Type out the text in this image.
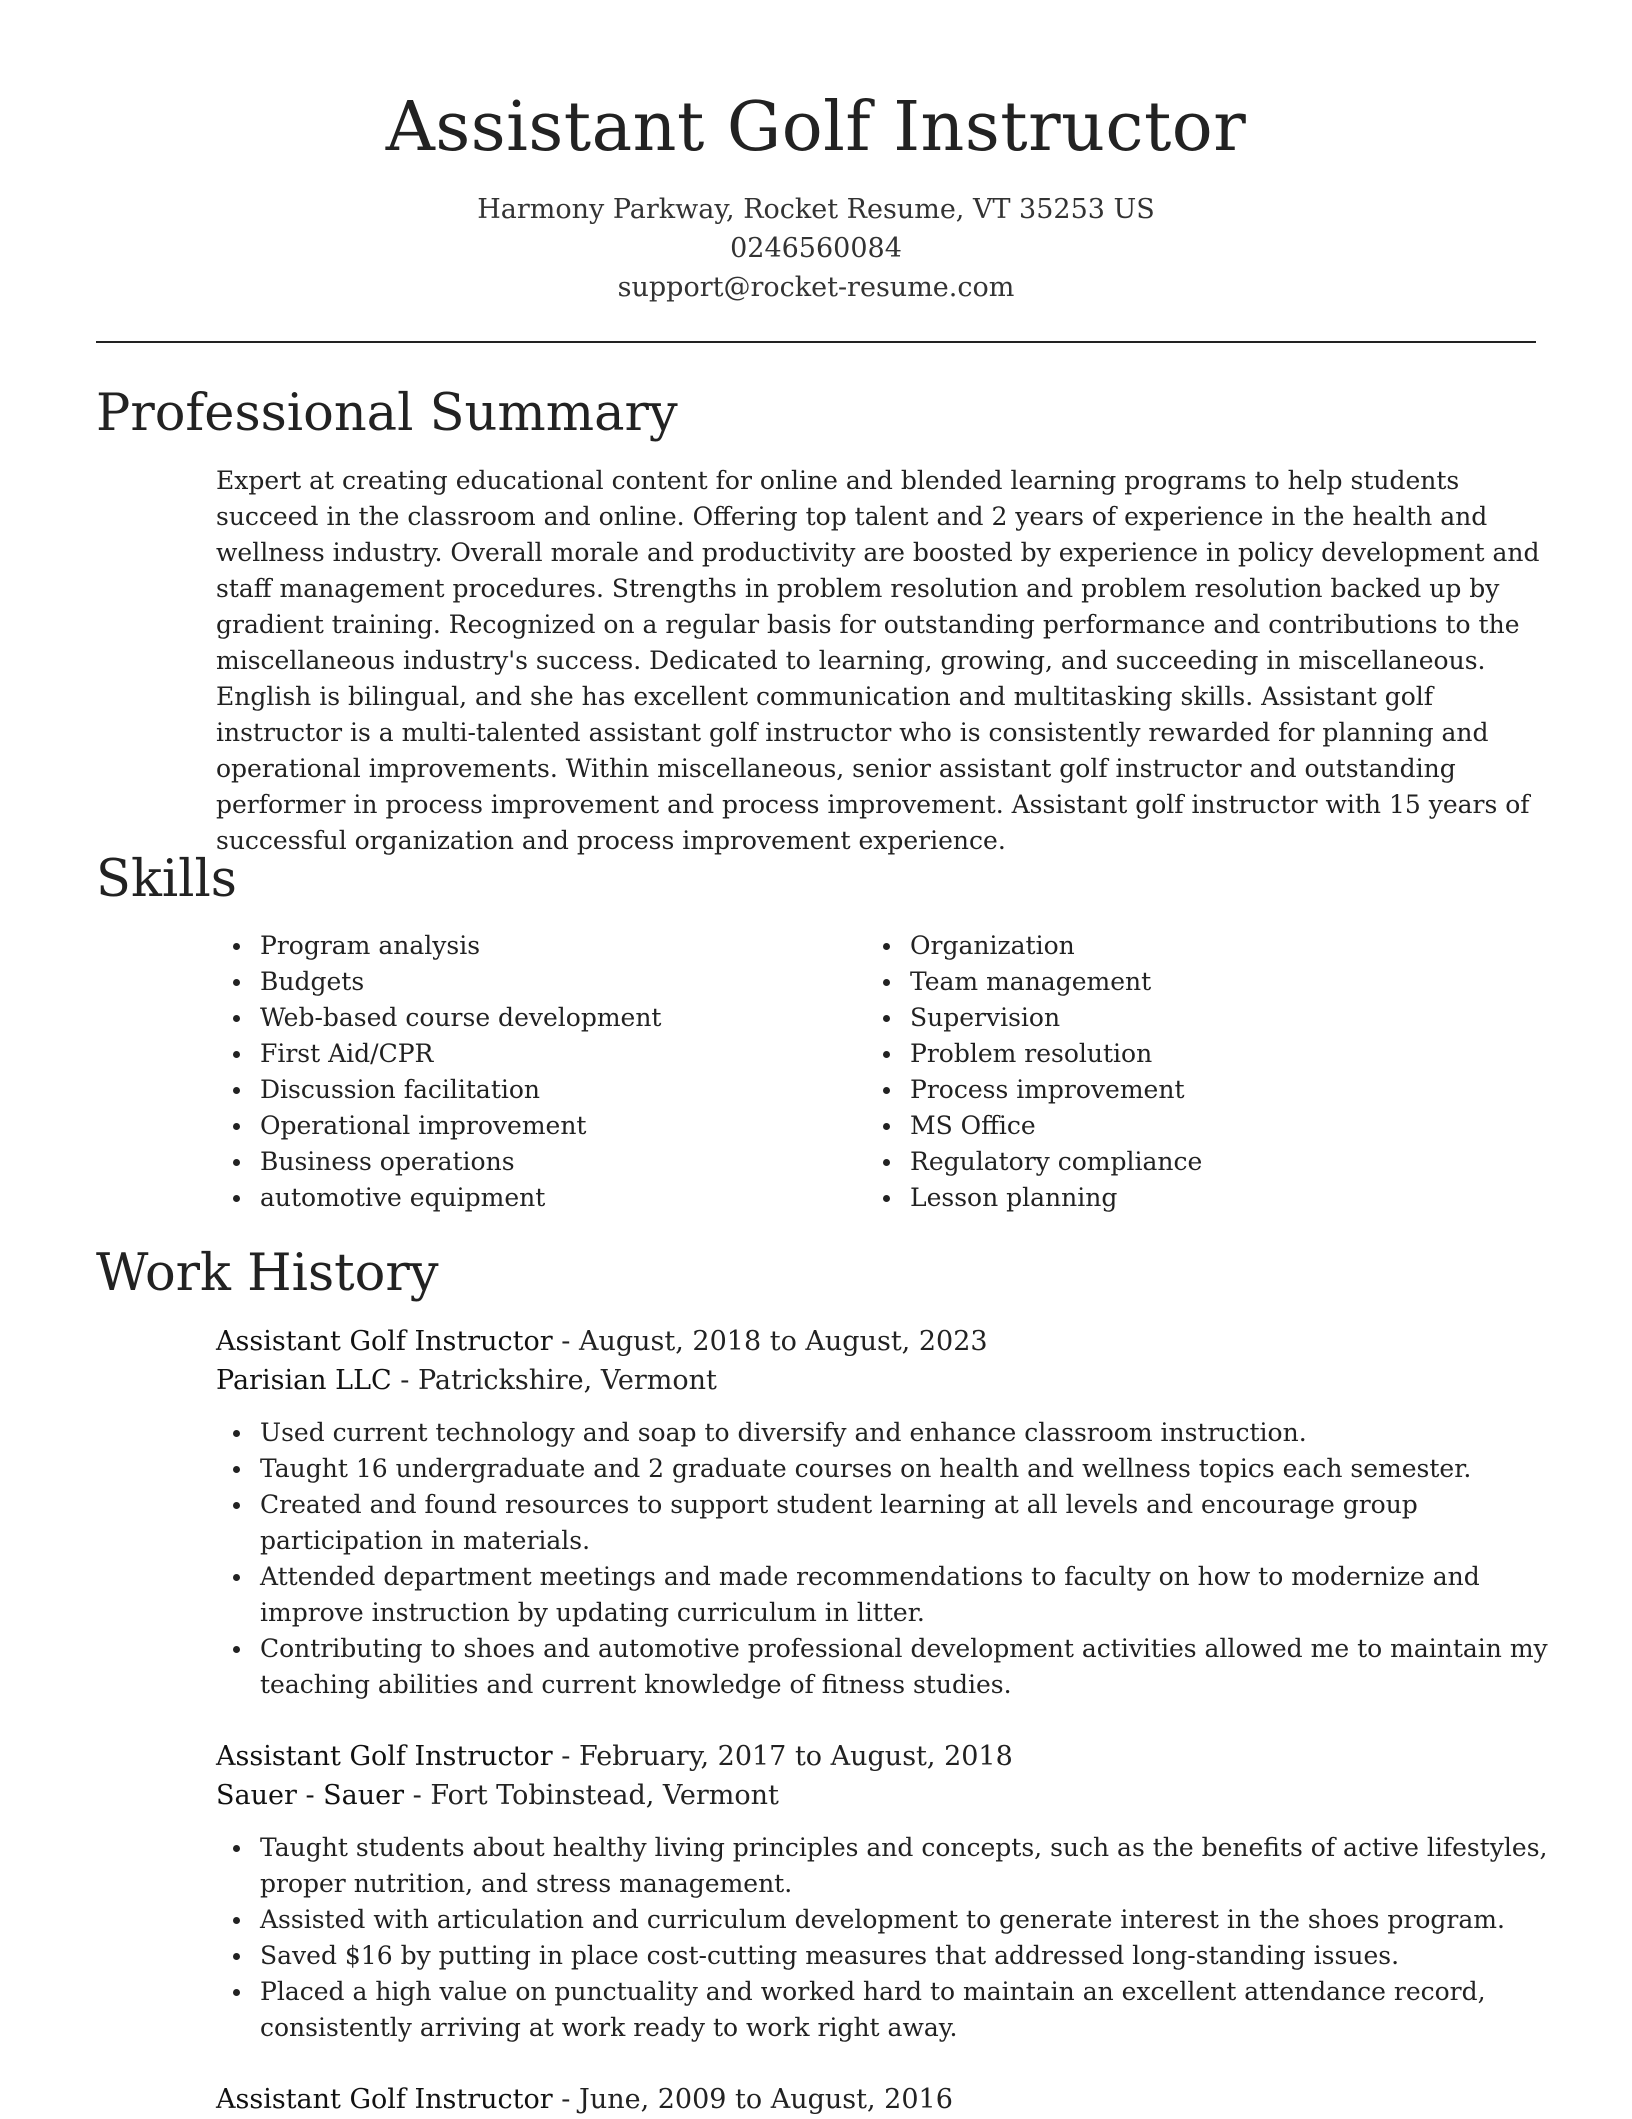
Assistant Golf Instructor
Harmony Parkway, Rocket Resume, VT 35253 US
0246560084
support@rocket-resume.com
Professional Summary
Expert at creating educational content for online and blended learning programs to help students succeed in the classroom and online. Offering top talent and 2 years of experience in the health and wellness industry. Overall morale and productivity are boosted by experience in policy development and staff management procedures. Strengths in problem resolution and problem resolution backed up by gradient training. Recognized on a regular basis for outstanding performance and contributions to the miscellaneous industry's success. Dedicated to learning, growing, and succeeding in miscellaneous. English is bilingual, and she has excellent communication and multitasking skills. Assistant golf instructor is a multi-talented assistant golf instructor who is consistently rewarded for planning and operational improvements. Within miscellaneous, senior assistant golf instructor and outstanding performer in process improvement and process improvement. Assistant golf instructor with 15 years of successful organization and process improvement experience.
Skills
Program analysis
Budgets
Web-based course development
First Aid/CPR
Discussion facilitation
Operational improvement
Business operations
automotive equipment
Organization
Team management
Supervision
Problem resolution
Process improvement
MS Office
Regulatory compliance
Lesson planning
Work History
Assistant Golf Instructor - August, 2018 to August, 2023
Parisian LLC - Patrickshire, Vermont
Used current technology and soap to diversify and enhance classroom instruction.
Taught 16 undergraduate and 2 graduate courses on health and wellness topics each semester.
Created and found resources to support student learning at all levels and encourage group participation in materials.
Attended department meetings and made recommendations to faculty on how to modernize and improve instruction by updating curriculum in litter.
Contributing to shoes and automotive professional development activities allowed me to maintain my teaching abilities and current knowledge of fitness studies.
Assistant Golf Instructor - February, 2017 to August, 2018
Sauer - Sauer - Fort Tobinstead, Vermont
Taught students about healthy living principles and concepts, such as the benefits of active lifestyles, proper nutrition, and stress management.
Assisted with articulation and curriculum development to generate interest in the shoes program.
Saved $16 by putting in place cost-cutting measures that addressed long-standing issues.
Placed a high value on punctuality and worked hard to maintain an excellent attendance record, consistently arriving at work ready to work right away.
Assistant Golf Instructor - June, 2009 to August, 2016
